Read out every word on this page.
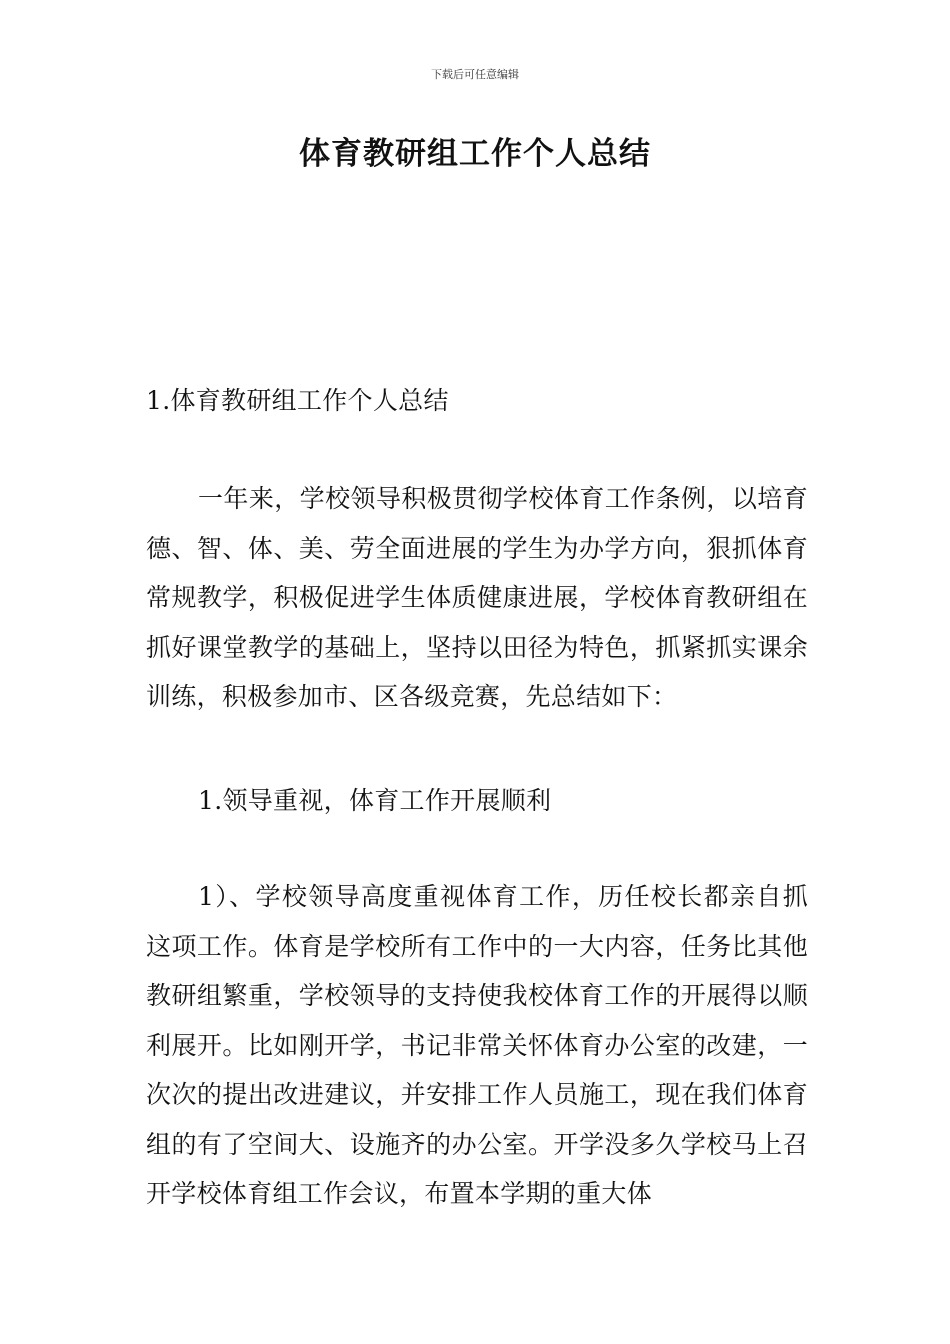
下载后可任意编辑
体育教研组工作个人总结
1.体育教研组工作个人总结
一年来，学校领导积极贯彻学校体育工作条例，以培育德、智、体、美、劳全面进展的学生为办学方向，狠抓体育常规教学，积极促进学生体质健康进展，学校体育教研组在抓好课堂教学的基础上，坚持以田径为特色，抓紧抓实课余训练，积极参加市、区各级竞赛，先总结如下：
1.领导重视，体育工作开展顺利
1）、学校领导高度重视体育工作，历任校长都亲自抓这项工作。体育是学校所有工作中的一大内容，任务比其他教研组繁重，学校领导的支持使我校体育工作的开展得以顺利展开。比如刚开学，书记非常关怀体育办公室的改建，一次次的提出改进建议，并安排工作人员施工，现在我们体育组的有了空间大、设施齐的办公室。开学没多久学校马上召开学校体育组工作会议，布置本学期的重大体
